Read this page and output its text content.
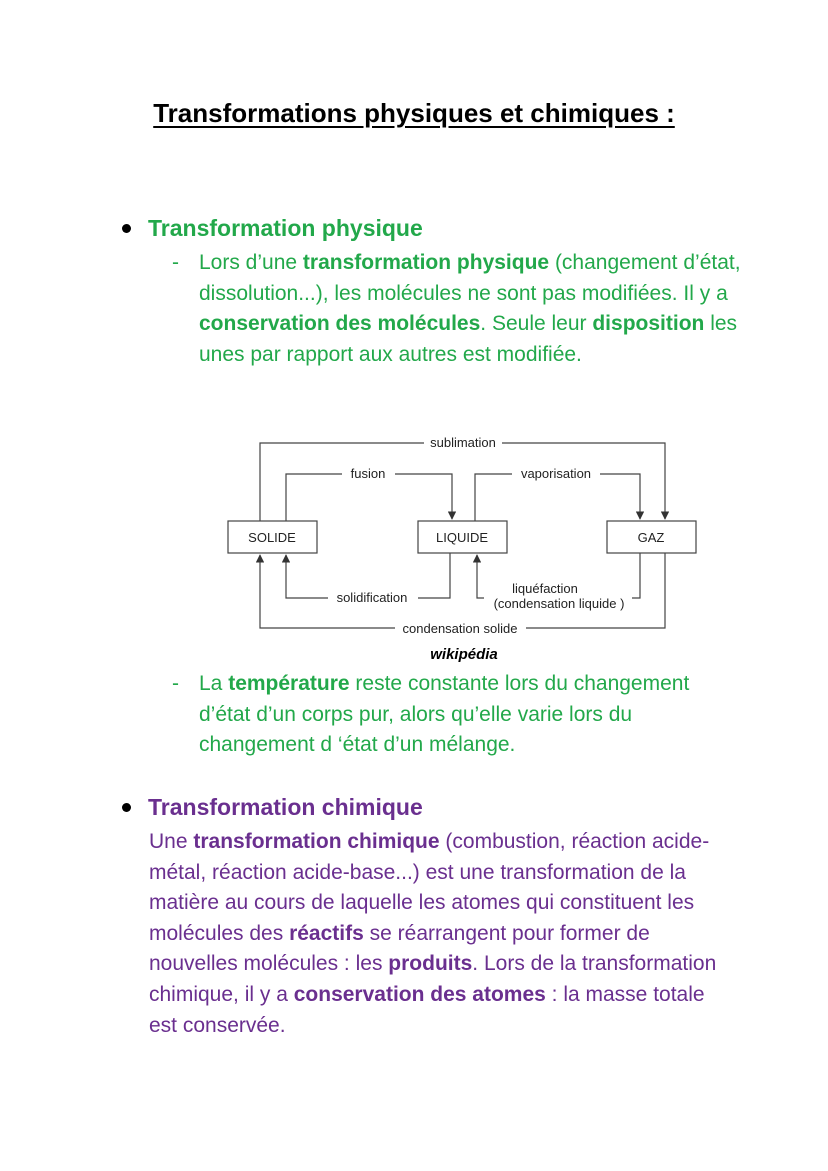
Transformations physiques et chimiques :
Transformation physique
- Lors d’une transformation physique (changement d’état, dissolution...), les molécules ne sont pas modifiées. Il y a conservation des molécules. Seule leur disposition les unes par rapport aux autres est modifiée.
SOLIDE	LIQUIDE	GAZ
sublimation
fusion	vaporisation
solidification
liquéfaction
(condensation liquide )
condensation solide
wikipédia
- La température reste constante lors du changement d’état d’un corps pur, alors qu’elle varie lors du changement d ‘état d’un mélange.
Transformation chimique
Une transformation chimique (combustion, réaction acide-métal, réaction acide-base...) est une transformation de la matière au cours de laquelle les atomes qui constituent les molécules des réactifs se réarrangent pour former de nouvelles molécules : les produits. Lors de la transformation chimique, il y a conservation des atomes : la masse totale est conservée.
